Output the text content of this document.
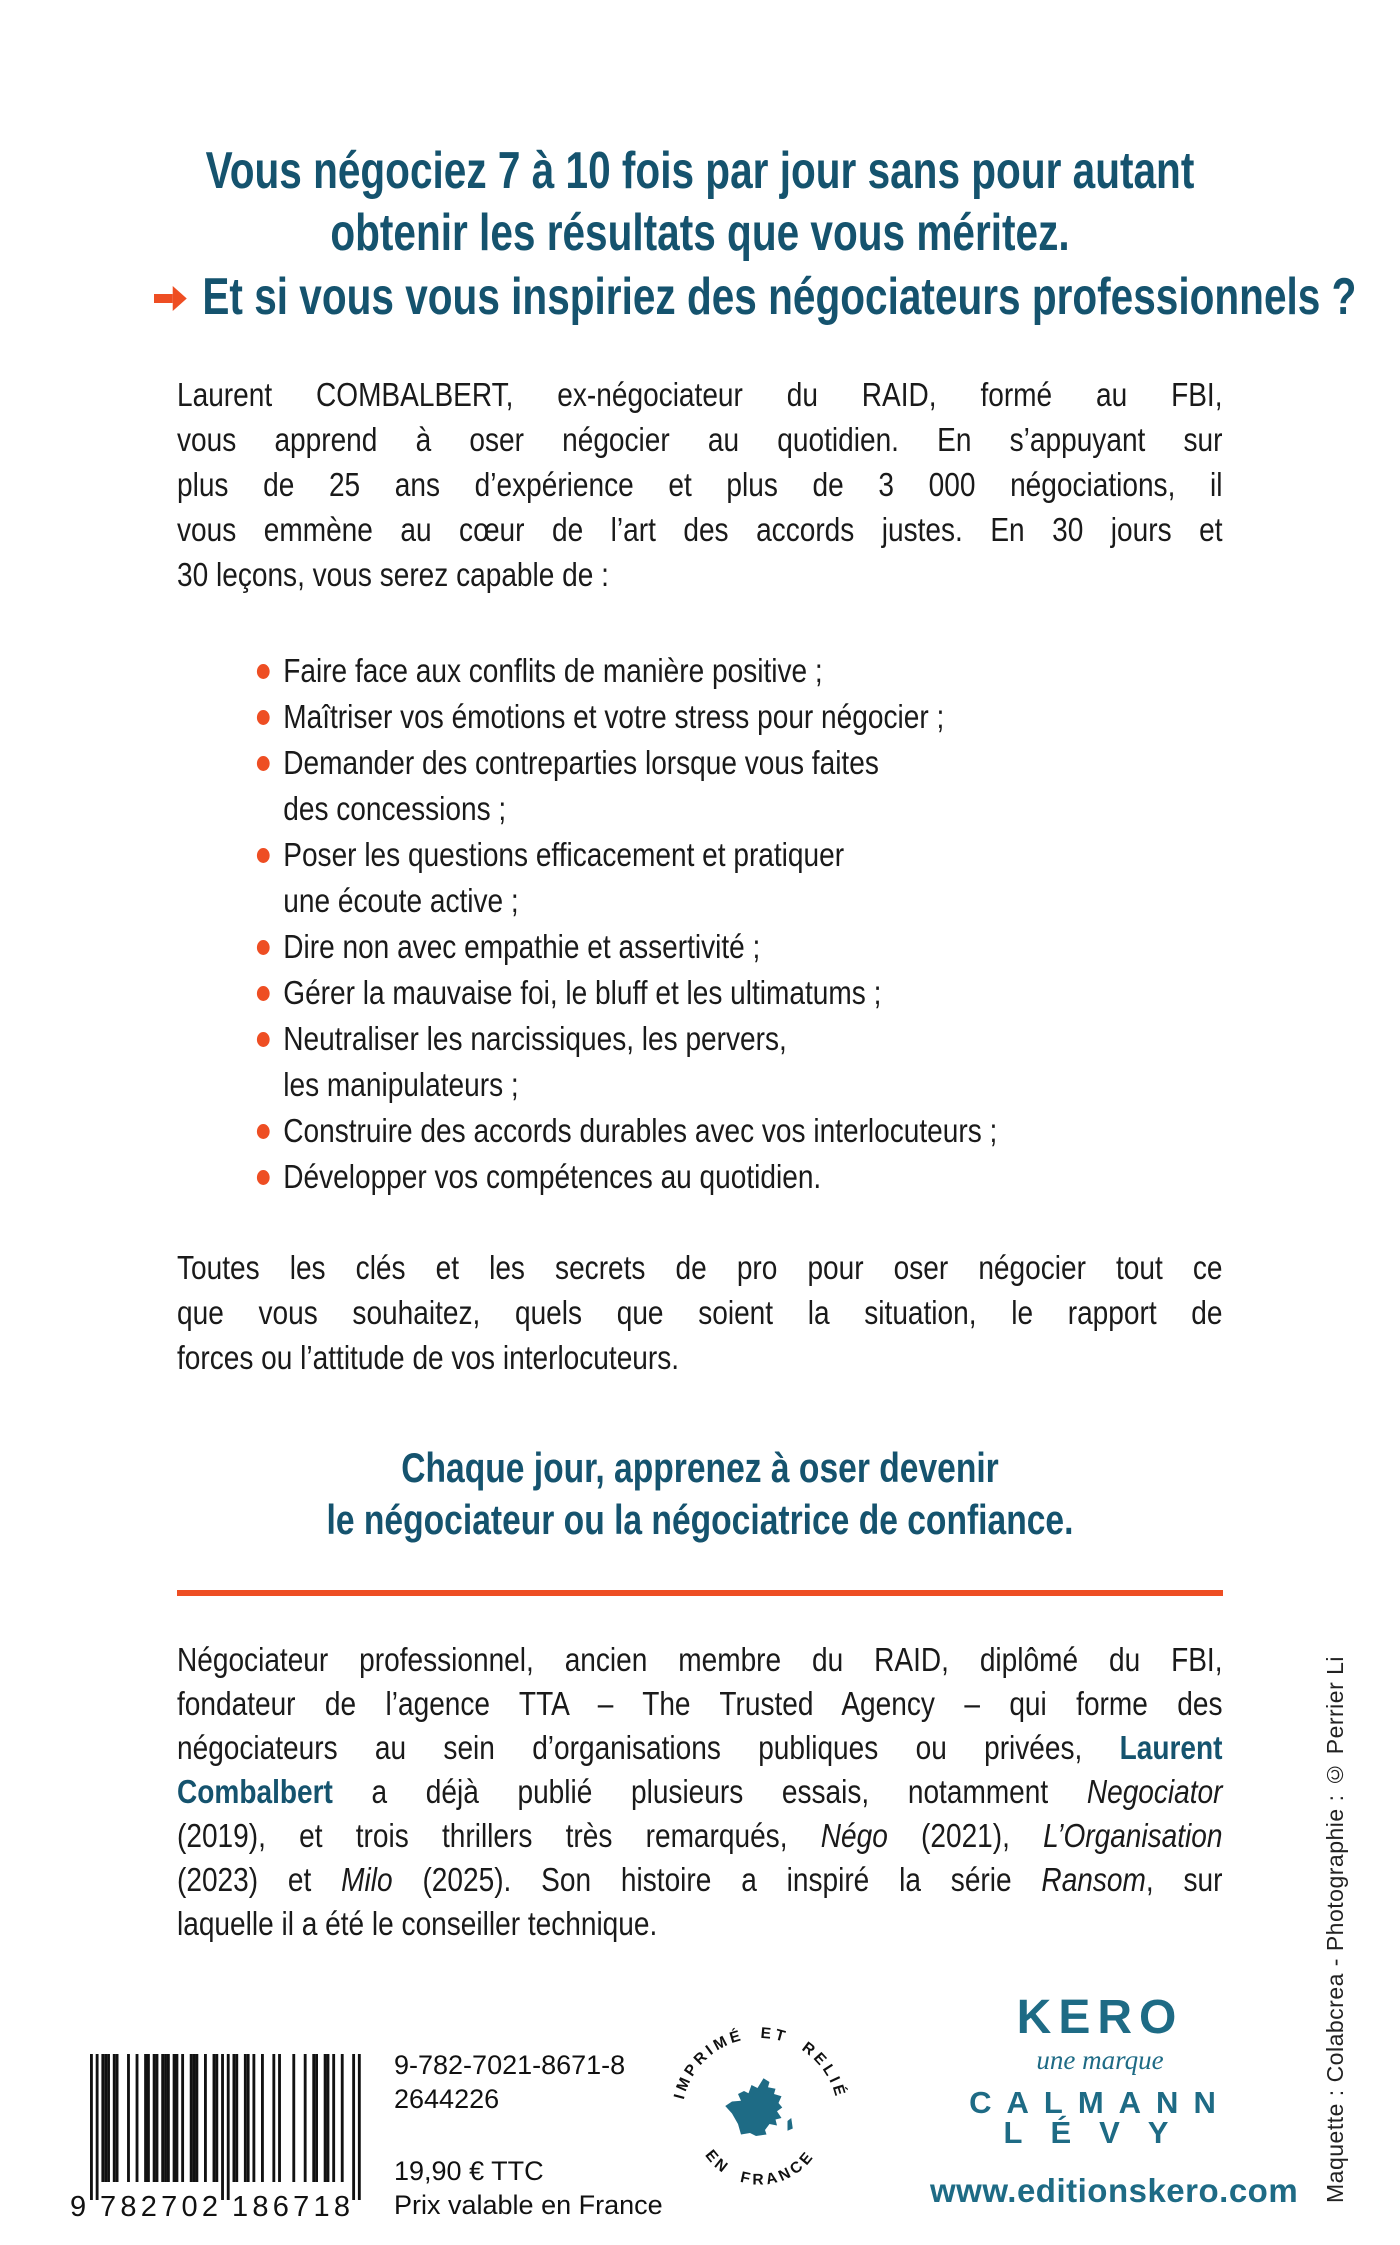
Vous négociez 7 à 10 fois par jour sans pour autant
obtenir les résultats que vous méritez.
Et si vous vous inspiriez des négociateurs professionnels ?
Laurent COMBALBERT, ex-négociateur du RAID, formé au FBI,
vous apprend à oser négocier au quotidien. En s’appuyant sur
plus de 25 ans d’expérience et plus de 3 000 négociations, il
vous emmène au cœur de l’art des accords justes. En 30 jours et
30 leçons, vous serez capable de :
Faire face aux conflits de manière positive ;
Maîtriser vos émotions et votre stress pour négocier ;
Demander des contreparties lorsque vous faites
des concessions ;
Poser les questions efficacement et pratiquer
une écoute active ;
Dire non avec empathie et assertivité ;
Gérer la mauvaise foi, le bluff et les ultimatums ;
Neutraliser les narcissiques, les pervers,
les manipulateurs ;
Construire des accords durables avec vos interlocuteurs ;
Développer vos compétences au quotidien.
Toutes les clés et les secrets de pro pour oser négocier tout ce
que vous souhaitez, quels que soient la situation, le rapport de
forces ou l’attitude de vos interlocuteurs.
Chaque jour, apprenez à oser devenir
le négociateur ou la négociatrice de confiance.
Négociateur professionnel, ancien membre du RAID, diplômé du FBI,
fondateur de l’agence TTA – The Trusted Agency – qui forme des
négociateurs au sein d’organisations publiques ou privées, Laurent
Combalbert a déjà publié plusieurs essais, notamment Negociator
(2019), et trois thrillers très remarqués, Négo (2021), L’Organisation
(2023) et Milo (2025). Son histoire a inspiré la série Ransom, sur
laquelle il a été le conseiller technique.	Maquette : Colabcrea - Photographie : © Perrier Li
9 782702 186718
9-782-7021-8671-8
2644226
19,90 € TTC
Prix valable en France
IMPRIMÉ ET RELIÉ
EN FRANCE
KERO
une marque
CALMANN
LÉVY
www.editionskero.com
